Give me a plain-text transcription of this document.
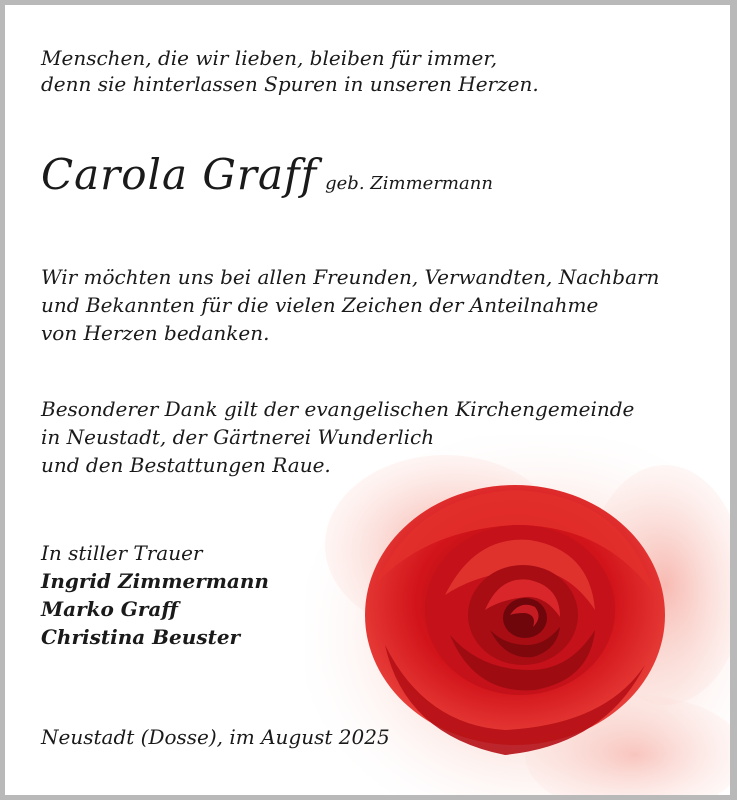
Menschen, die wir lieben, bleiben für immer,
denn sie hinterlassen Spuren in unseren Herzen.
Carola Graff geb. Zimmermann
Wir möchten uns bei allen Freunden, Verwandten, Nachbarn
und Bekannten für die vielen Zeichen der Anteilnahme
von Herzen bedanken.
Besonderer Dank gilt der evangelischen Kirchengemeinde
in Neustadt, der Gärtnerei Wunderlich
und den Bestattungen Raue.
In stiller Trauer
Ingrid Zimmermann
Marko Graff
Christina Beuster
Neustadt (Dosse), im August 2025
